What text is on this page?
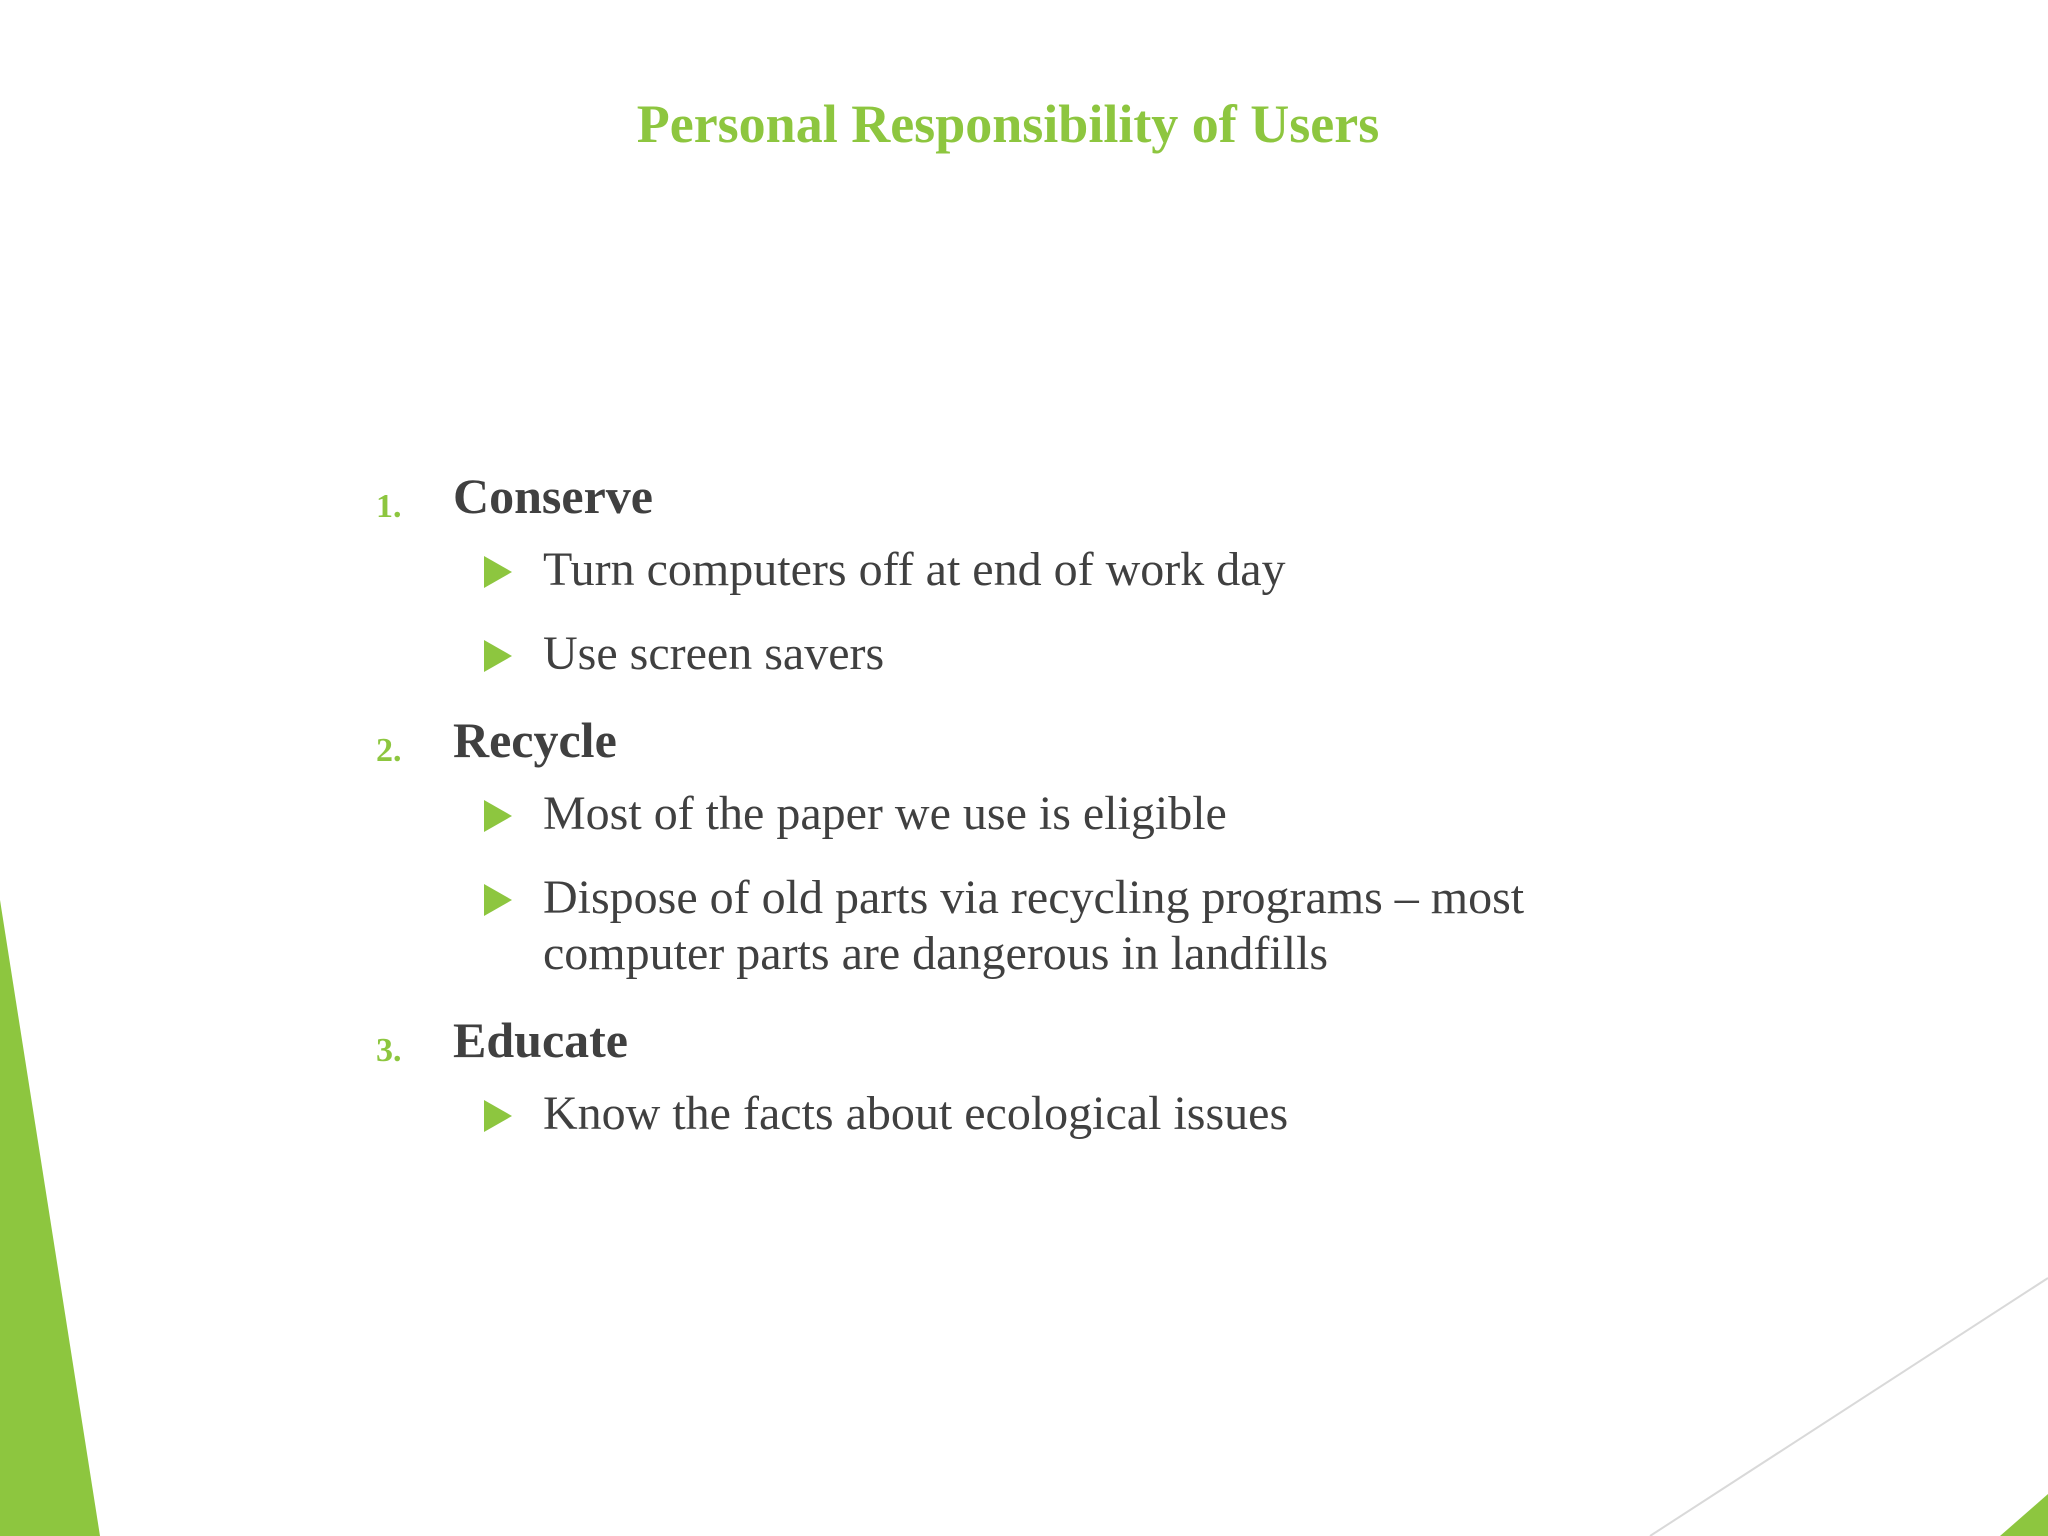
Personal Responsibility of Users
1. Conserve
Turn computers off at end of work day
Use screen savers
2. Recycle
Most of the paper we use is eligible
Dispose of old parts via recycling programs – most computer parts are dangerous in landfills
3. Educate
Know the facts about ecological issues
